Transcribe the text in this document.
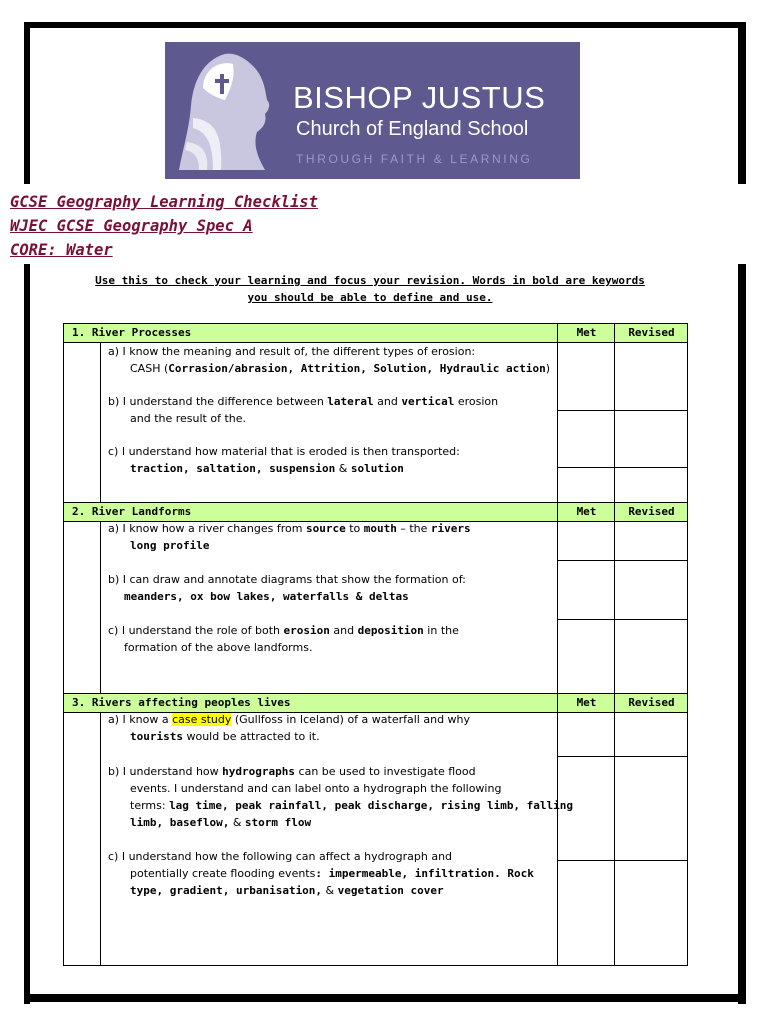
BISHOP JUSTUS
Church of England School
THROUGH FAITH & LEARNING
GCSE Geography Learning Checklist
WJEC GCSE Geography Spec A
CORE: Water
Use this to check your learning and focus your revision. Words in bold are keywords
you should be able to define and use.
1. River Processes	Met	Revised
a) I know the meaning and result of, the different types of erosion:
CASH (Corrasion/abrasion, Attrition, Solution, Hydraulic action)
b) I understand the difference between lateral and vertical erosion
and the result of the.
c) I understand how material that is eroded is then transported:
traction, saltation, suspension & solution
2. River Landforms	Met	Revised
a) I know how a river changes from source to mouth – the rivers
long profile
b) I can draw and annotate diagrams that show the formation of:
meanders, ox bow lakes, waterfalls & deltas
c) I understand the role of both erosion and deposition in the
formation of the above landforms.
3. Rivers affecting peoples lives	Met	Revised
a) I know a case study (Gullfoss in Iceland) of a waterfall and why
tourists would be attracted to it.
b) I understand how hydrographs can be used to investigate flood
events. I understand and can label onto a hydrograph the following
terms: lag time, peak rainfall, peak discharge, rising limb, falling
limb, baseflow, & storm flow
c) I understand how the following can affect a hydrograph and
potentially create flooding events: impermeable, infiltration. Rock
type, gradient, urbanisation, & vegetation cover
